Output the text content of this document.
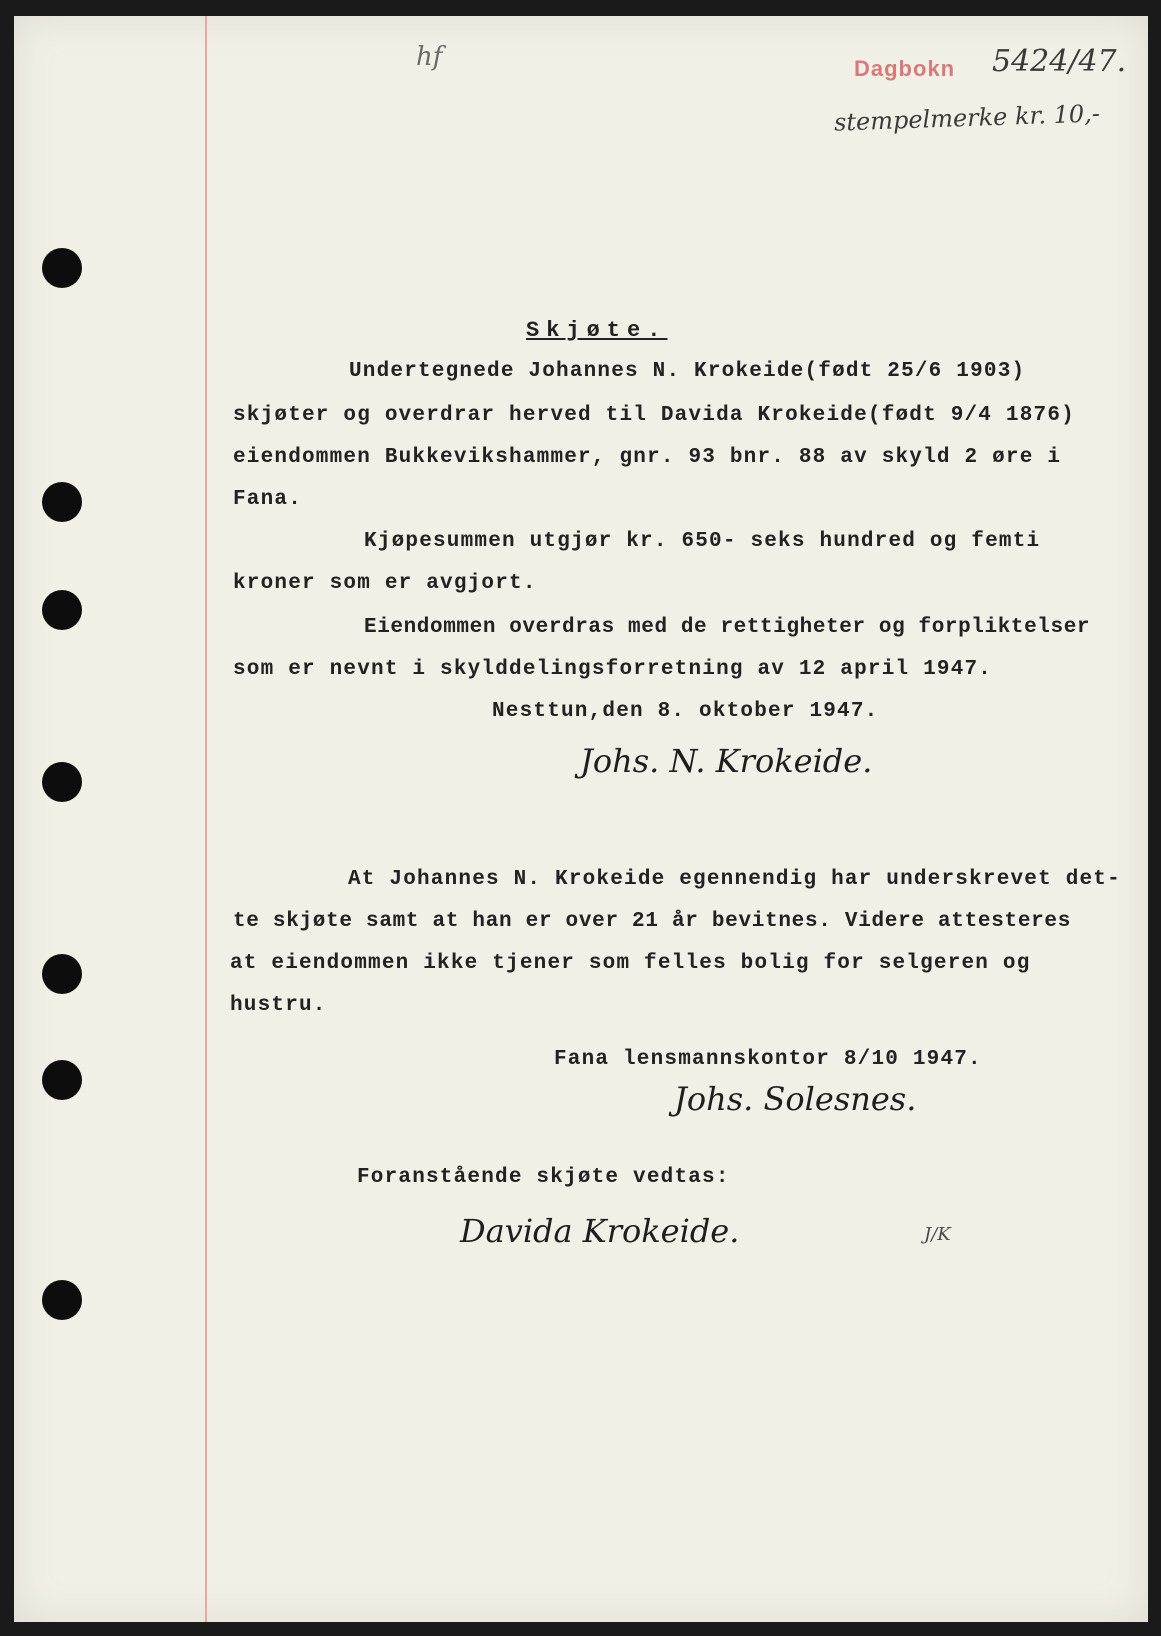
hf	Dagbokn 5424/47.
stempelmerke kr. 10,-
Skjøte.
Undertegnede Johannes N. Krokeide(født 25/6 1903)
skjøter og overdrar herved til Davida Krokeide(født 9/4 1876)
eiendommen Bukkevikshammer, gnr. 93 bnr. 88 av skyld 2 øre i
Fana.
Kjøpesummen utgjør kr. 650- seks hundred og femti
kroner som er avgjort.
Eiendommen overdras med de rettigheter og forpliktelser
som er nevnt i skylddelingsforretning av 12 april 1947.
Nesttun,den 8. oktober 1947.
Johs. N. Krokeide.
At Johannes N. Krokeide egennendig har underskrevet det-
te skjøte samt at han er over 21 år bevitnes. Videre attesteres
at eiendommen ikke tjener som felles bolig for selgeren og
hustru.
Fana lensmannskontor 8/10 1947.
Johs. Solesnes.
Foranstående skjøte vedtas:
Davida Krokeide.	J/K
